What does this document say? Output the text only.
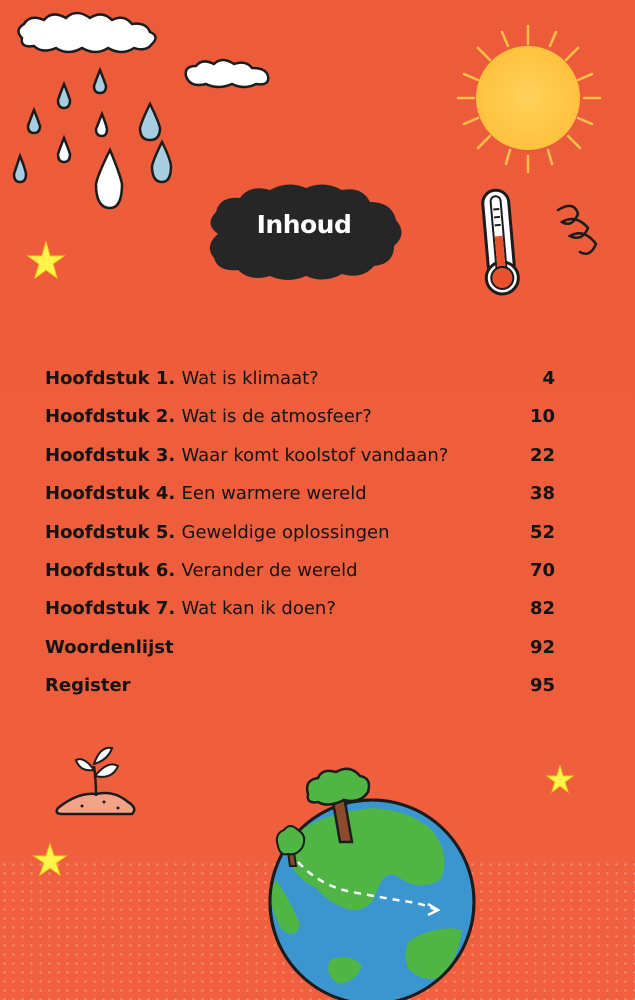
Inhoud
Hoofdstuk 1. Wat is klimaat?	4
Hoofdstuk 2. Wat is de atmosfeer?	10
Hoofdstuk 3. Waar komt koolstof vandaan?	22
Hoofdstuk 4. Een warmere wereld	38
Hoofdstuk 5. Geweldige oplossingen	52
Hoofdstuk 6. Verander de wereld	70
Hoofdstuk 7. Wat kan ik doen?	82
Woordenlijst	92
Register	95
